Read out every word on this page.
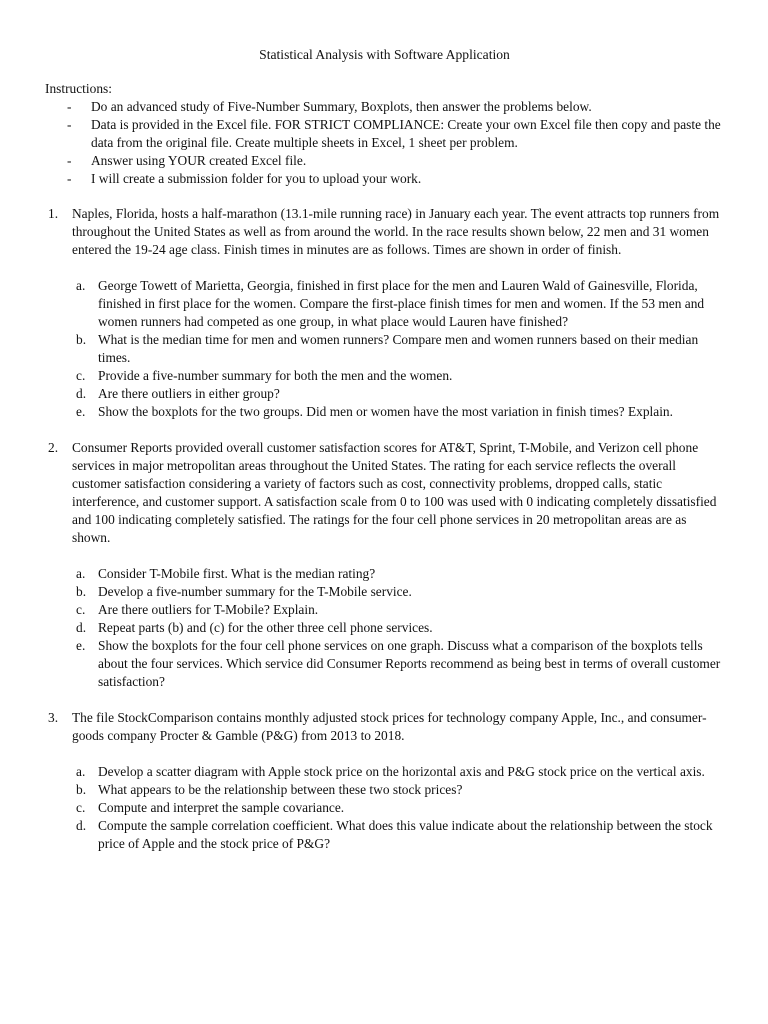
Statistical Analysis with Software Application
Instructions:
- Do an advanced study of Five-Number Summary, Boxplots, then answer the problems below.
- Data is provided in the Excel file. FOR STRICT COMPLIANCE: Create your own Excel file then copy and paste the data from the original file. Create multiple sheets in Excel, 1 sheet per problem.
- Answer using YOUR created Excel file.
- I will create a submission folder for you to upload your work.
1. Naples, Florida, hosts a half-marathon (13.1-mile running race) in January each year. The event attracts top runners from throughout the United States as well as from around the world. In the race results shown below, 22 men and 31 women entered the 19-24 age class. Finish times in minutes are as follows. Times are shown in order of finish.

a. George Towett of Marietta, Georgia, finished in first place for the men and Lauren Wald of Gainesville, Florida, finished in first place for the women. Compare the first-place finish times for men and women. If the 53 men and women runners had competed as one group, in what place would Lauren have finished?
b. What is the median time for men and women runners? Compare men and women runners based on their median times.
c. Provide a five-number summary for both the men and the women.
d. Are there outliers in either group?
e. Show the boxplots for the two groups. Did men or women have the most variation in finish times? Explain.
2. Consumer Reports provided overall customer satisfaction scores for AT&T, Sprint, T-Mobile, and Verizon cell phone services in major metropolitan areas throughout the United States. The rating for each service reflects the overall customer satisfaction considering a variety of factors such as cost, connectivity problems, dropped calls, static interference, and customer support. A satisfaction scale from 0 to 100 was used with 0 indicating completely dissatisfied and 100 indicating completely satisfied. The ratings for the four cell phone services in 20 metropolitan areas are as shown.

a. Consider T-Mobile first. What is the median rating?
b. Develop a five-number summary for the T-Mobile service.
c. Are there outliers for T-Mobile? Explain.
d. Repeat parts (b) and (c) for the other three cell phone services.
e. Show the boxplots for the four cell phone services on one graph. Discuss what a comparison of the boxplots tells about the four services. Which service did Consumer Reports recommend as being best in terms of overall customer satisfaction?
3. The file StockComparison contains monthly adjusted stock prices for technology company Apple, Inc., and consumer-goods company Procter & Gamble (P&G) from 2013 to 2018.

a. Develop a scatter diagram with Apple stock price on the horizontal axis and P&G stock price on the vertical axis.
b. What appears to be the relationship between these two stock prices?
c. Compute and interpret the sample covariance.
d. Compute the sample correlation coefficient. What does this value indicate about the relationship between the stock price of Apple and the stock price of P&G?
